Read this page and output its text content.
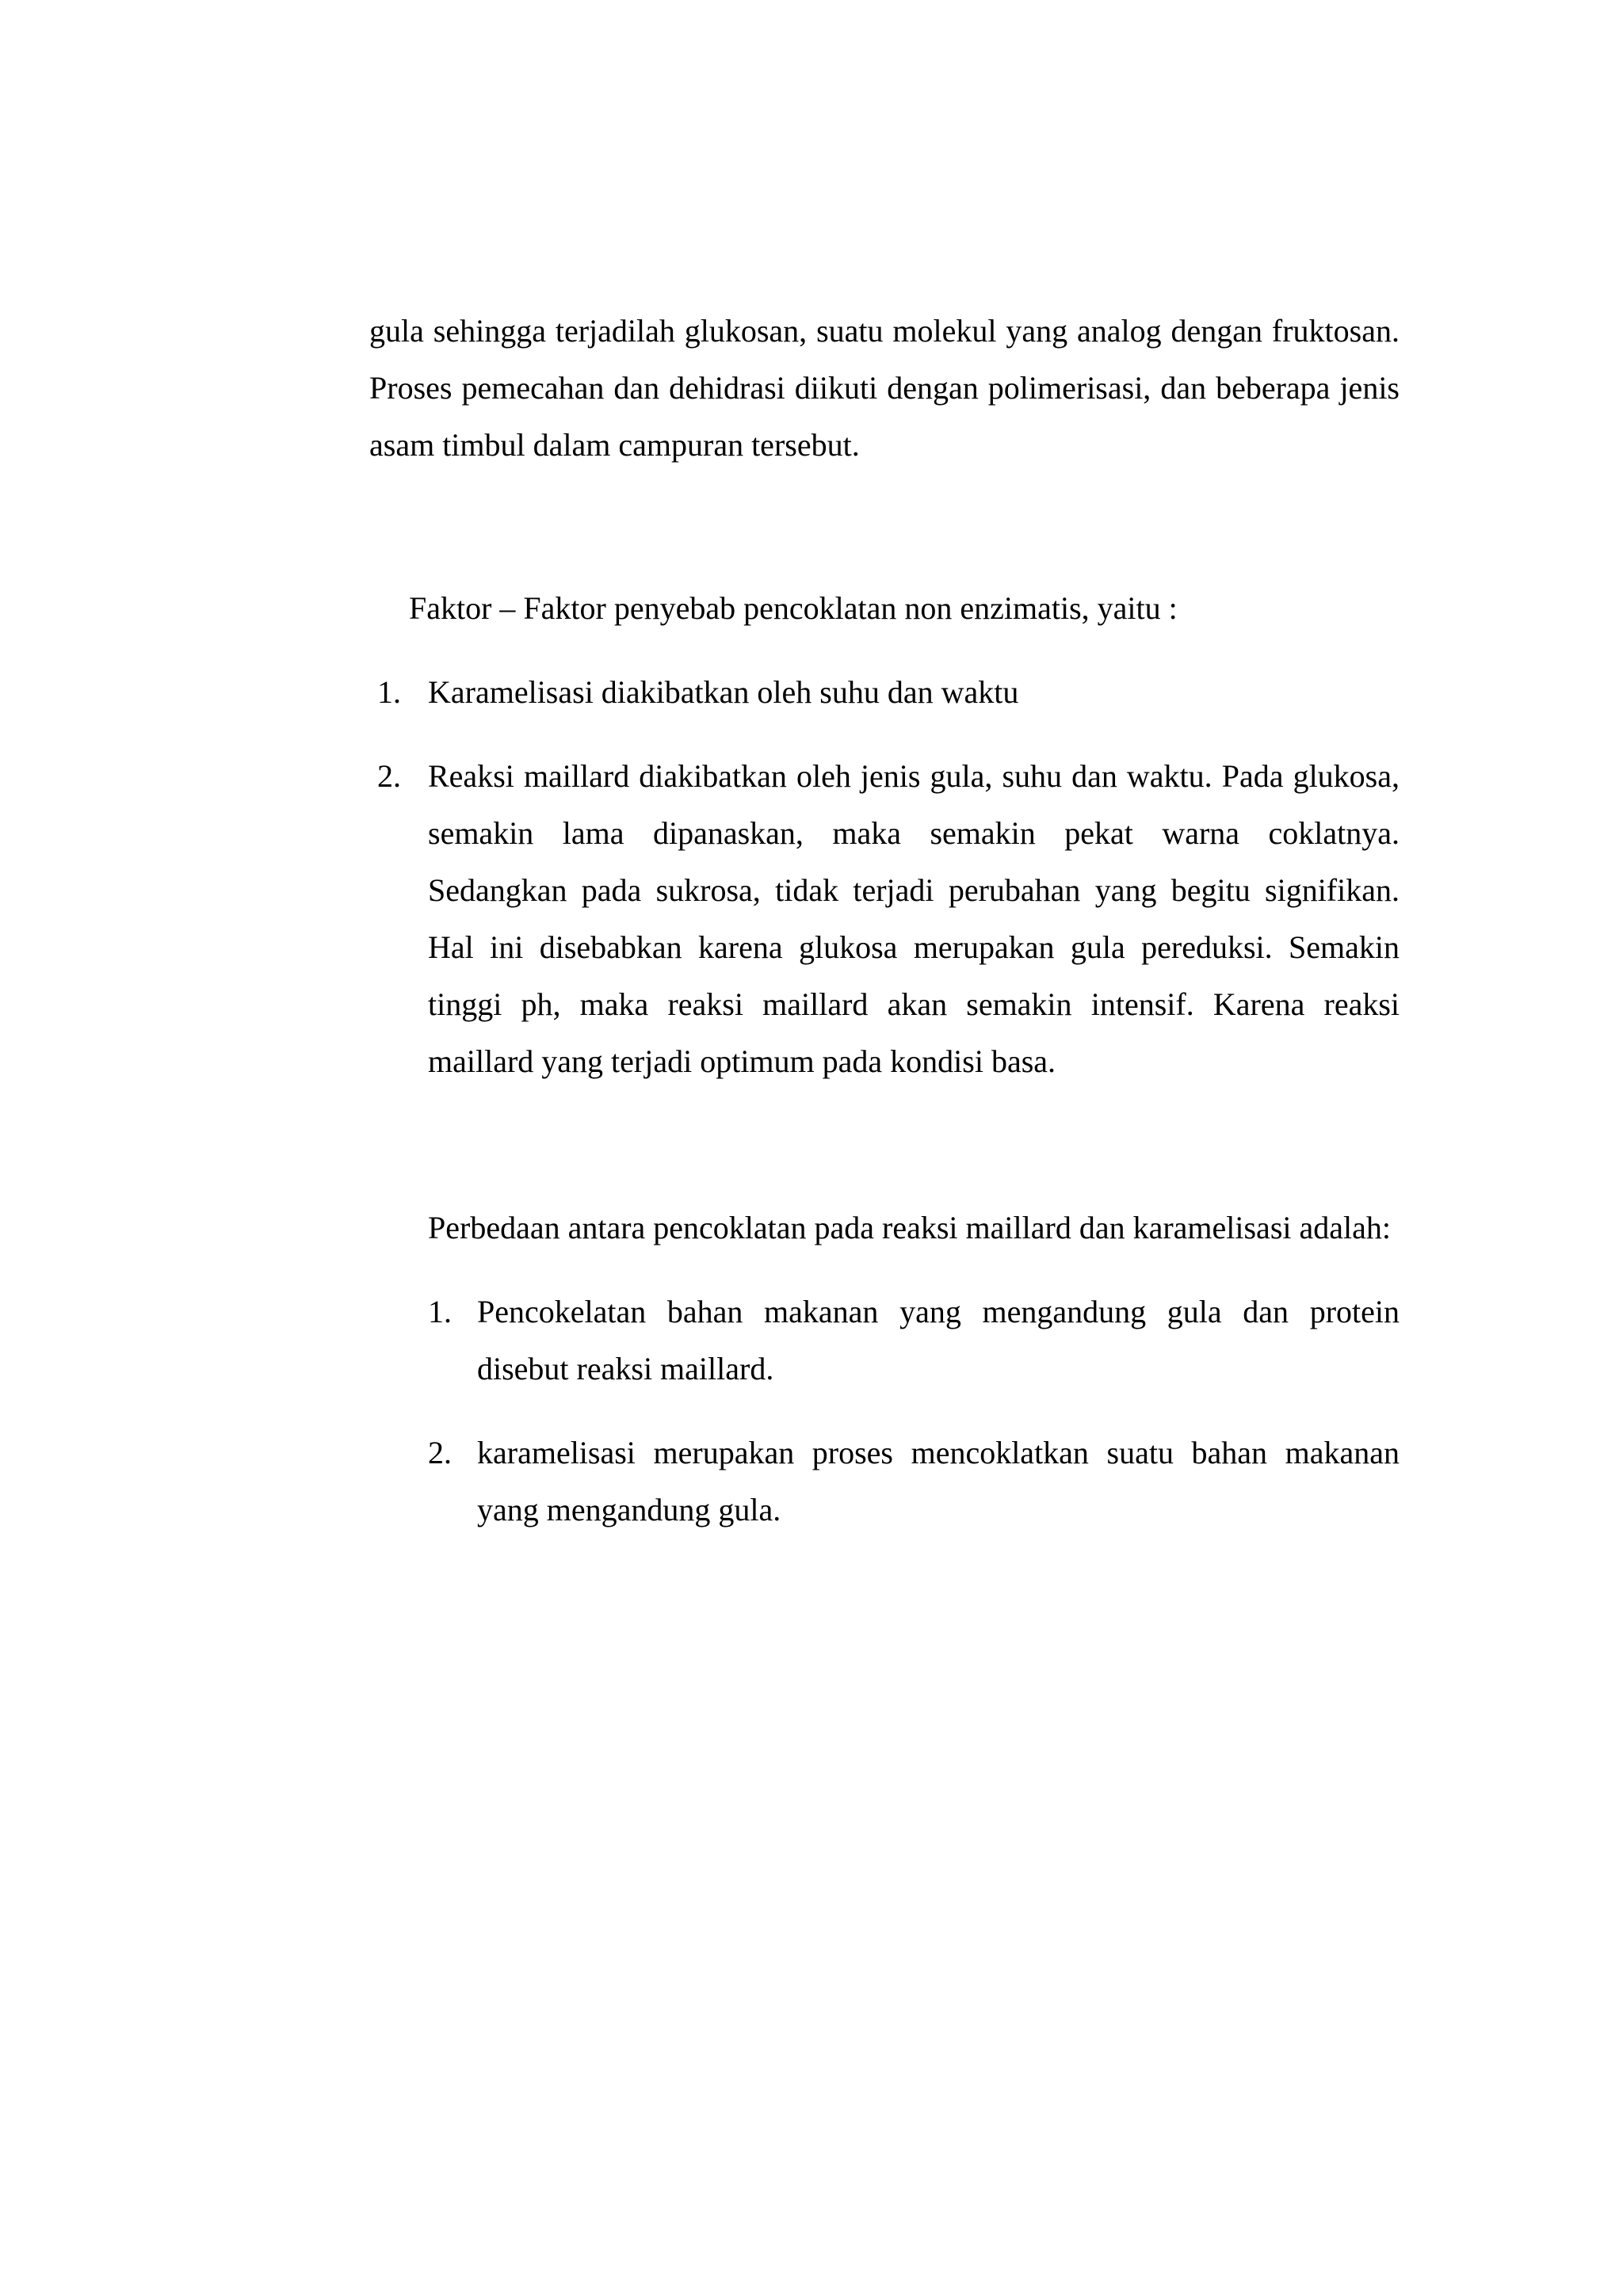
gula sehingga terjadilah glukosan, suatu molekul yang analog dengan fruktosan. Proses pemecahan dan dehidrasi diikuti dengan polimerisasi, dan beberapa jenis asam timbul dalam campuran tersebut.

Faktor – Faktor penyebab pencoklatan non enzimatis, yaitu :

1. Karamelisasi diakibatkan oleh suhu dan waktu
2. Reaksi maillard diakibatkan oleh jenis gula, suhu dan waktu. Pada glukosa, semakin lama dipanaskan, maka semakin pekat warna coklatnya. Sedangkan pada sukrosa, tidak terjadi perubahan yang begitu signifikan. Hal ini disebabkan karena glukosa merupakan gula pereduksi. Semakin tinggi ph, maka reaksi maillard akan semakin intensif. Karena reaksi maillard yang terjadi optimum pada kondisi basa.

Perbedaan antara pencoklatan pada reaksi maillard dan karamelisasi adalah:

1. Pencokelatan bahan makanan yang mengandung gula dan protein disebut reaksi maillard.
2. karamelisasi merupakan proses mencoklatkan suatu bahan makanan yang mengandung gula.
